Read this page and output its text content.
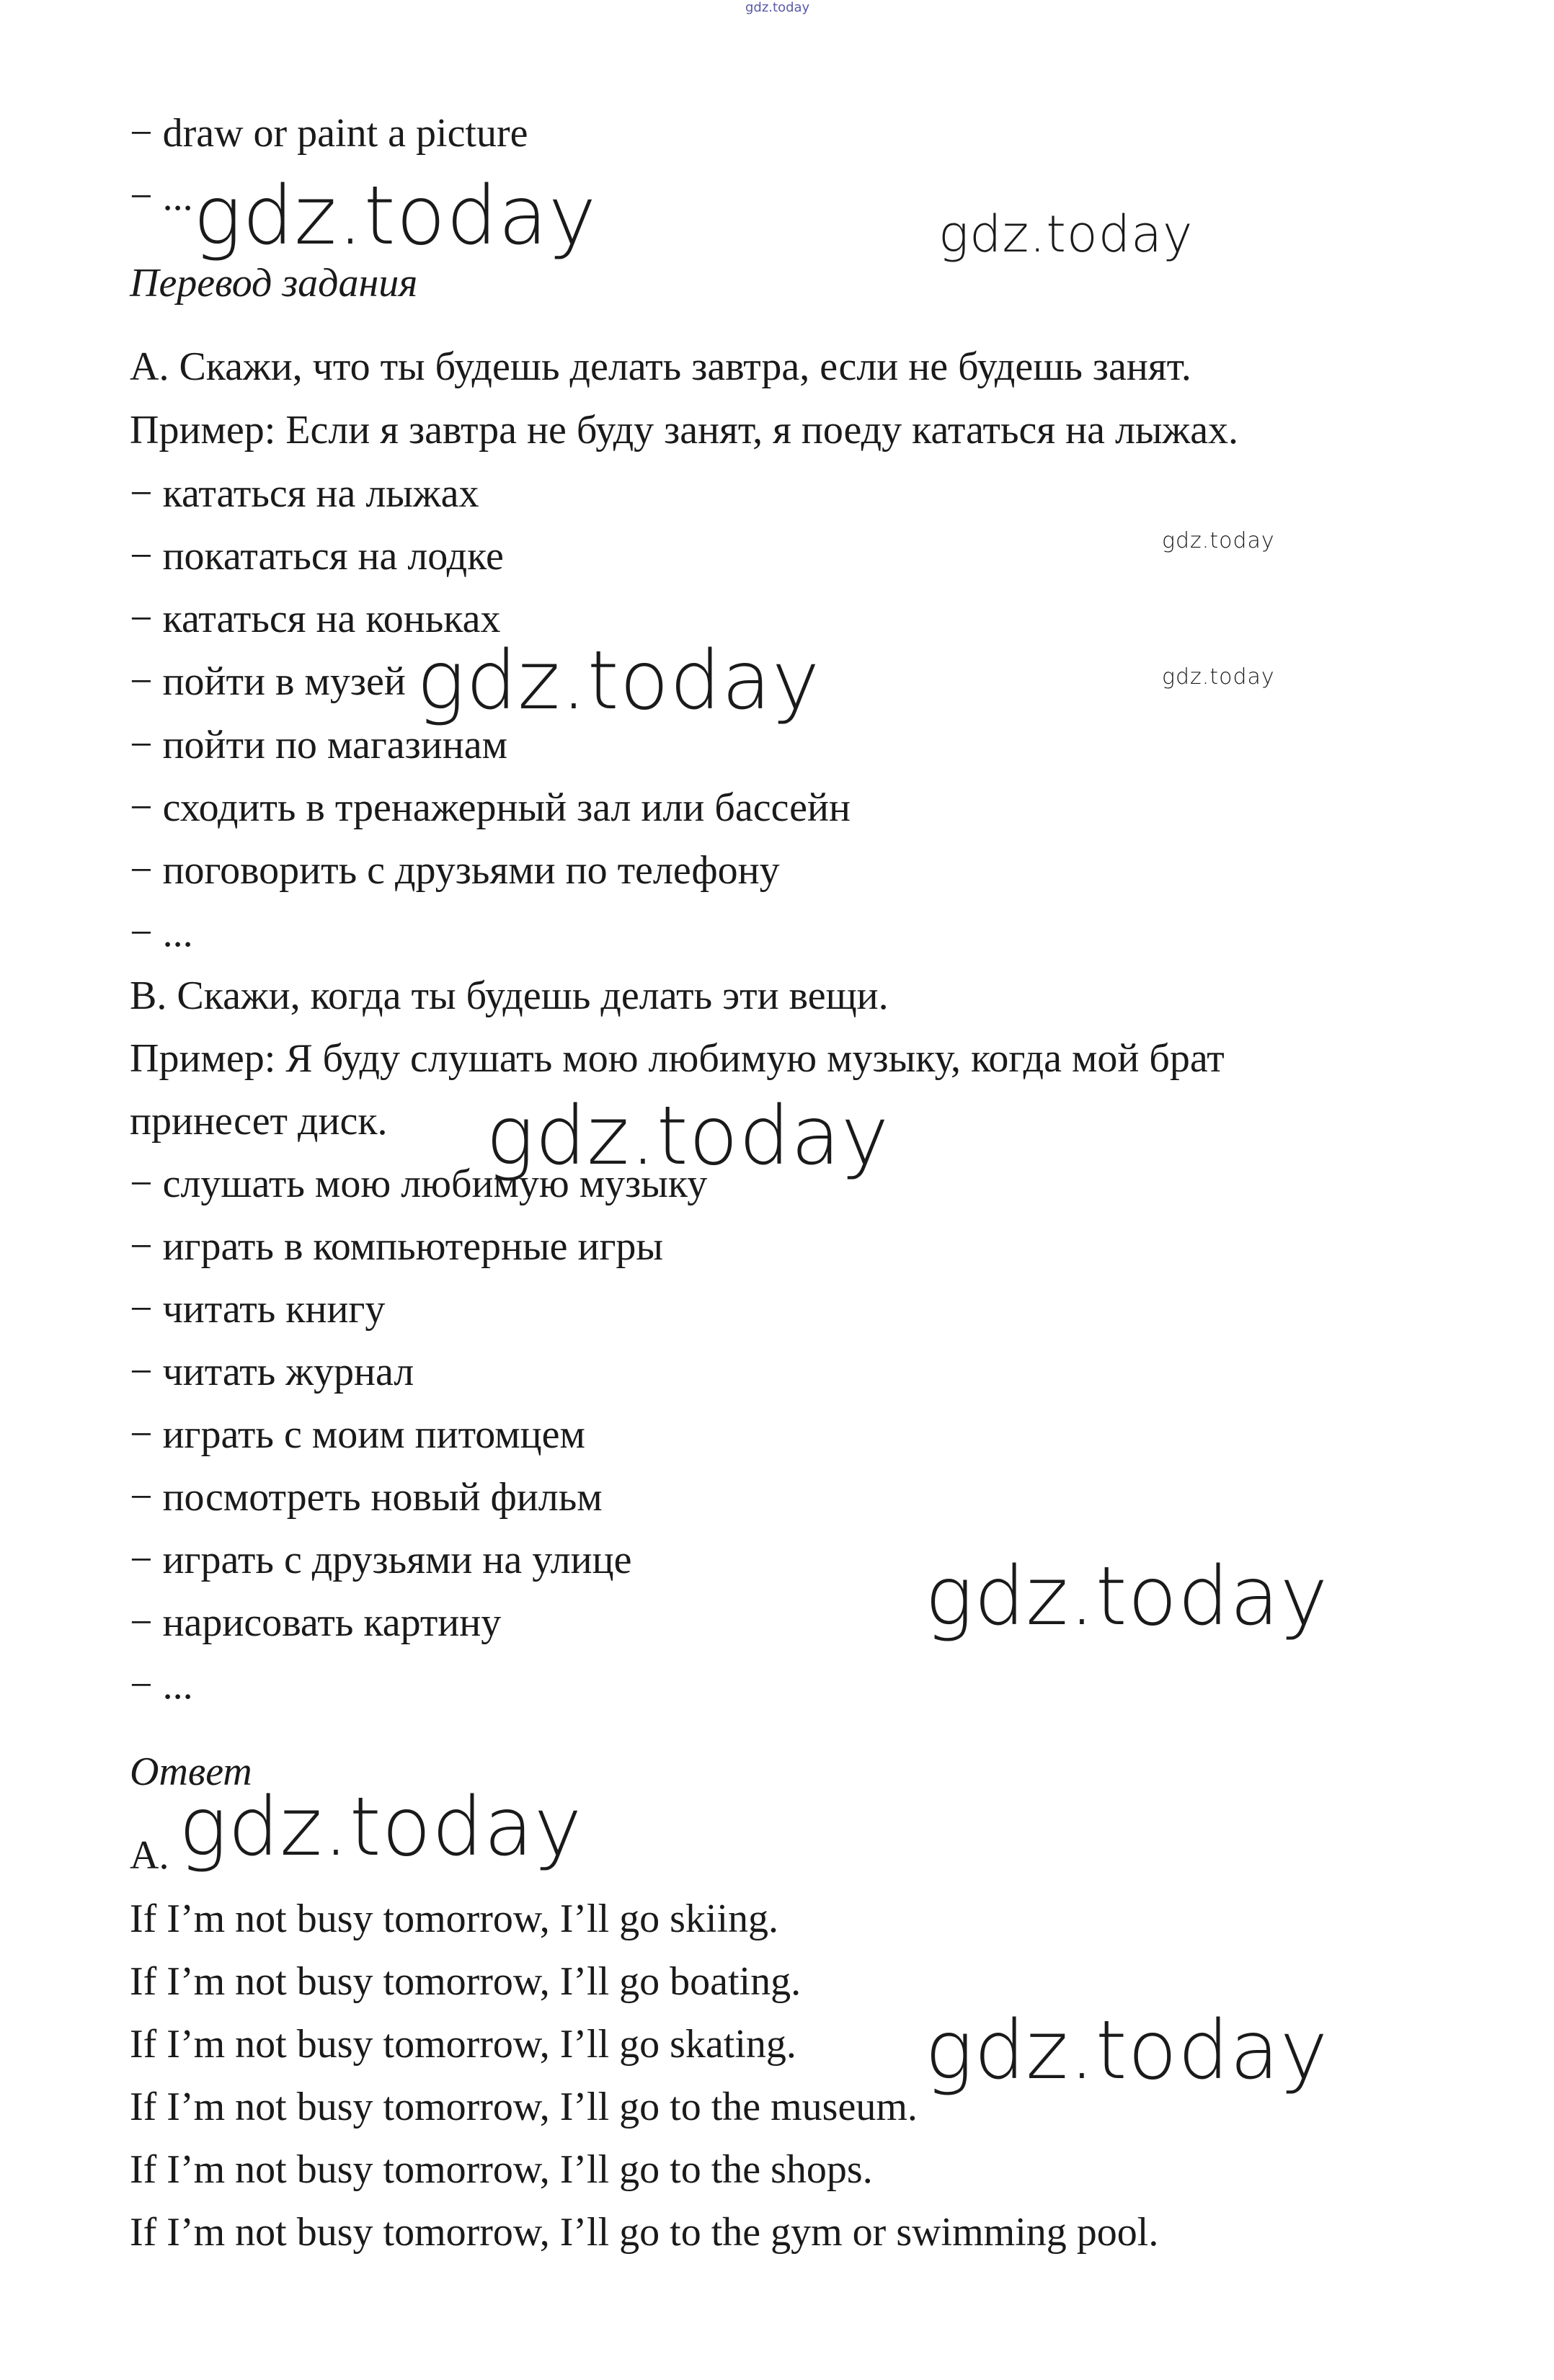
gdz.today
− draw or paint a picture
− ...
Перевод задания
A. Скажи, что ты будешь делать завтра, если не будешь занят.
Пример: Если я завтра не буду занят, я поеду кататься на лыжах.
− кататься на лыжах
− покататься на лодке
− кататься на коньках
− пойти в музей
− пойти по магазинам
− сходить в тренажерный зал или бассейн
− поговорить с друзьями по телефону
− ...
B. Скажи, когда ты будешь делать эти вещи.
Пример: Я буду слушать мою любимую музыку, когда мой брат
принесет диск.
− слушать мою любимую музыку
− играть в компьютерные игры
− читать книгу
− читать журнал
− играть с моим питомцем
− посмотреть новый фильм
− играть с друзьями на улице
− нарисовать картину
− ...
Ответ
A.
If I’m not busy tomorrow, I’ll go skiing.
If I’m not busy tomorrow, I’ll go boating.
If I’m not busy tomorrow, I’ll go skating.
If I’m not busy tomorrow, I’ll go to the museum.
If I’m not busy tomorrow, I’ll go to the shops.
If I’m not busy tomorrow, I’ll go to the gym or swimming pool.
gdz.today	gdz.today
gdz.today
gdz.today
gdz.today
gdz.today
gdz.today
gdz.today
gdz.today
